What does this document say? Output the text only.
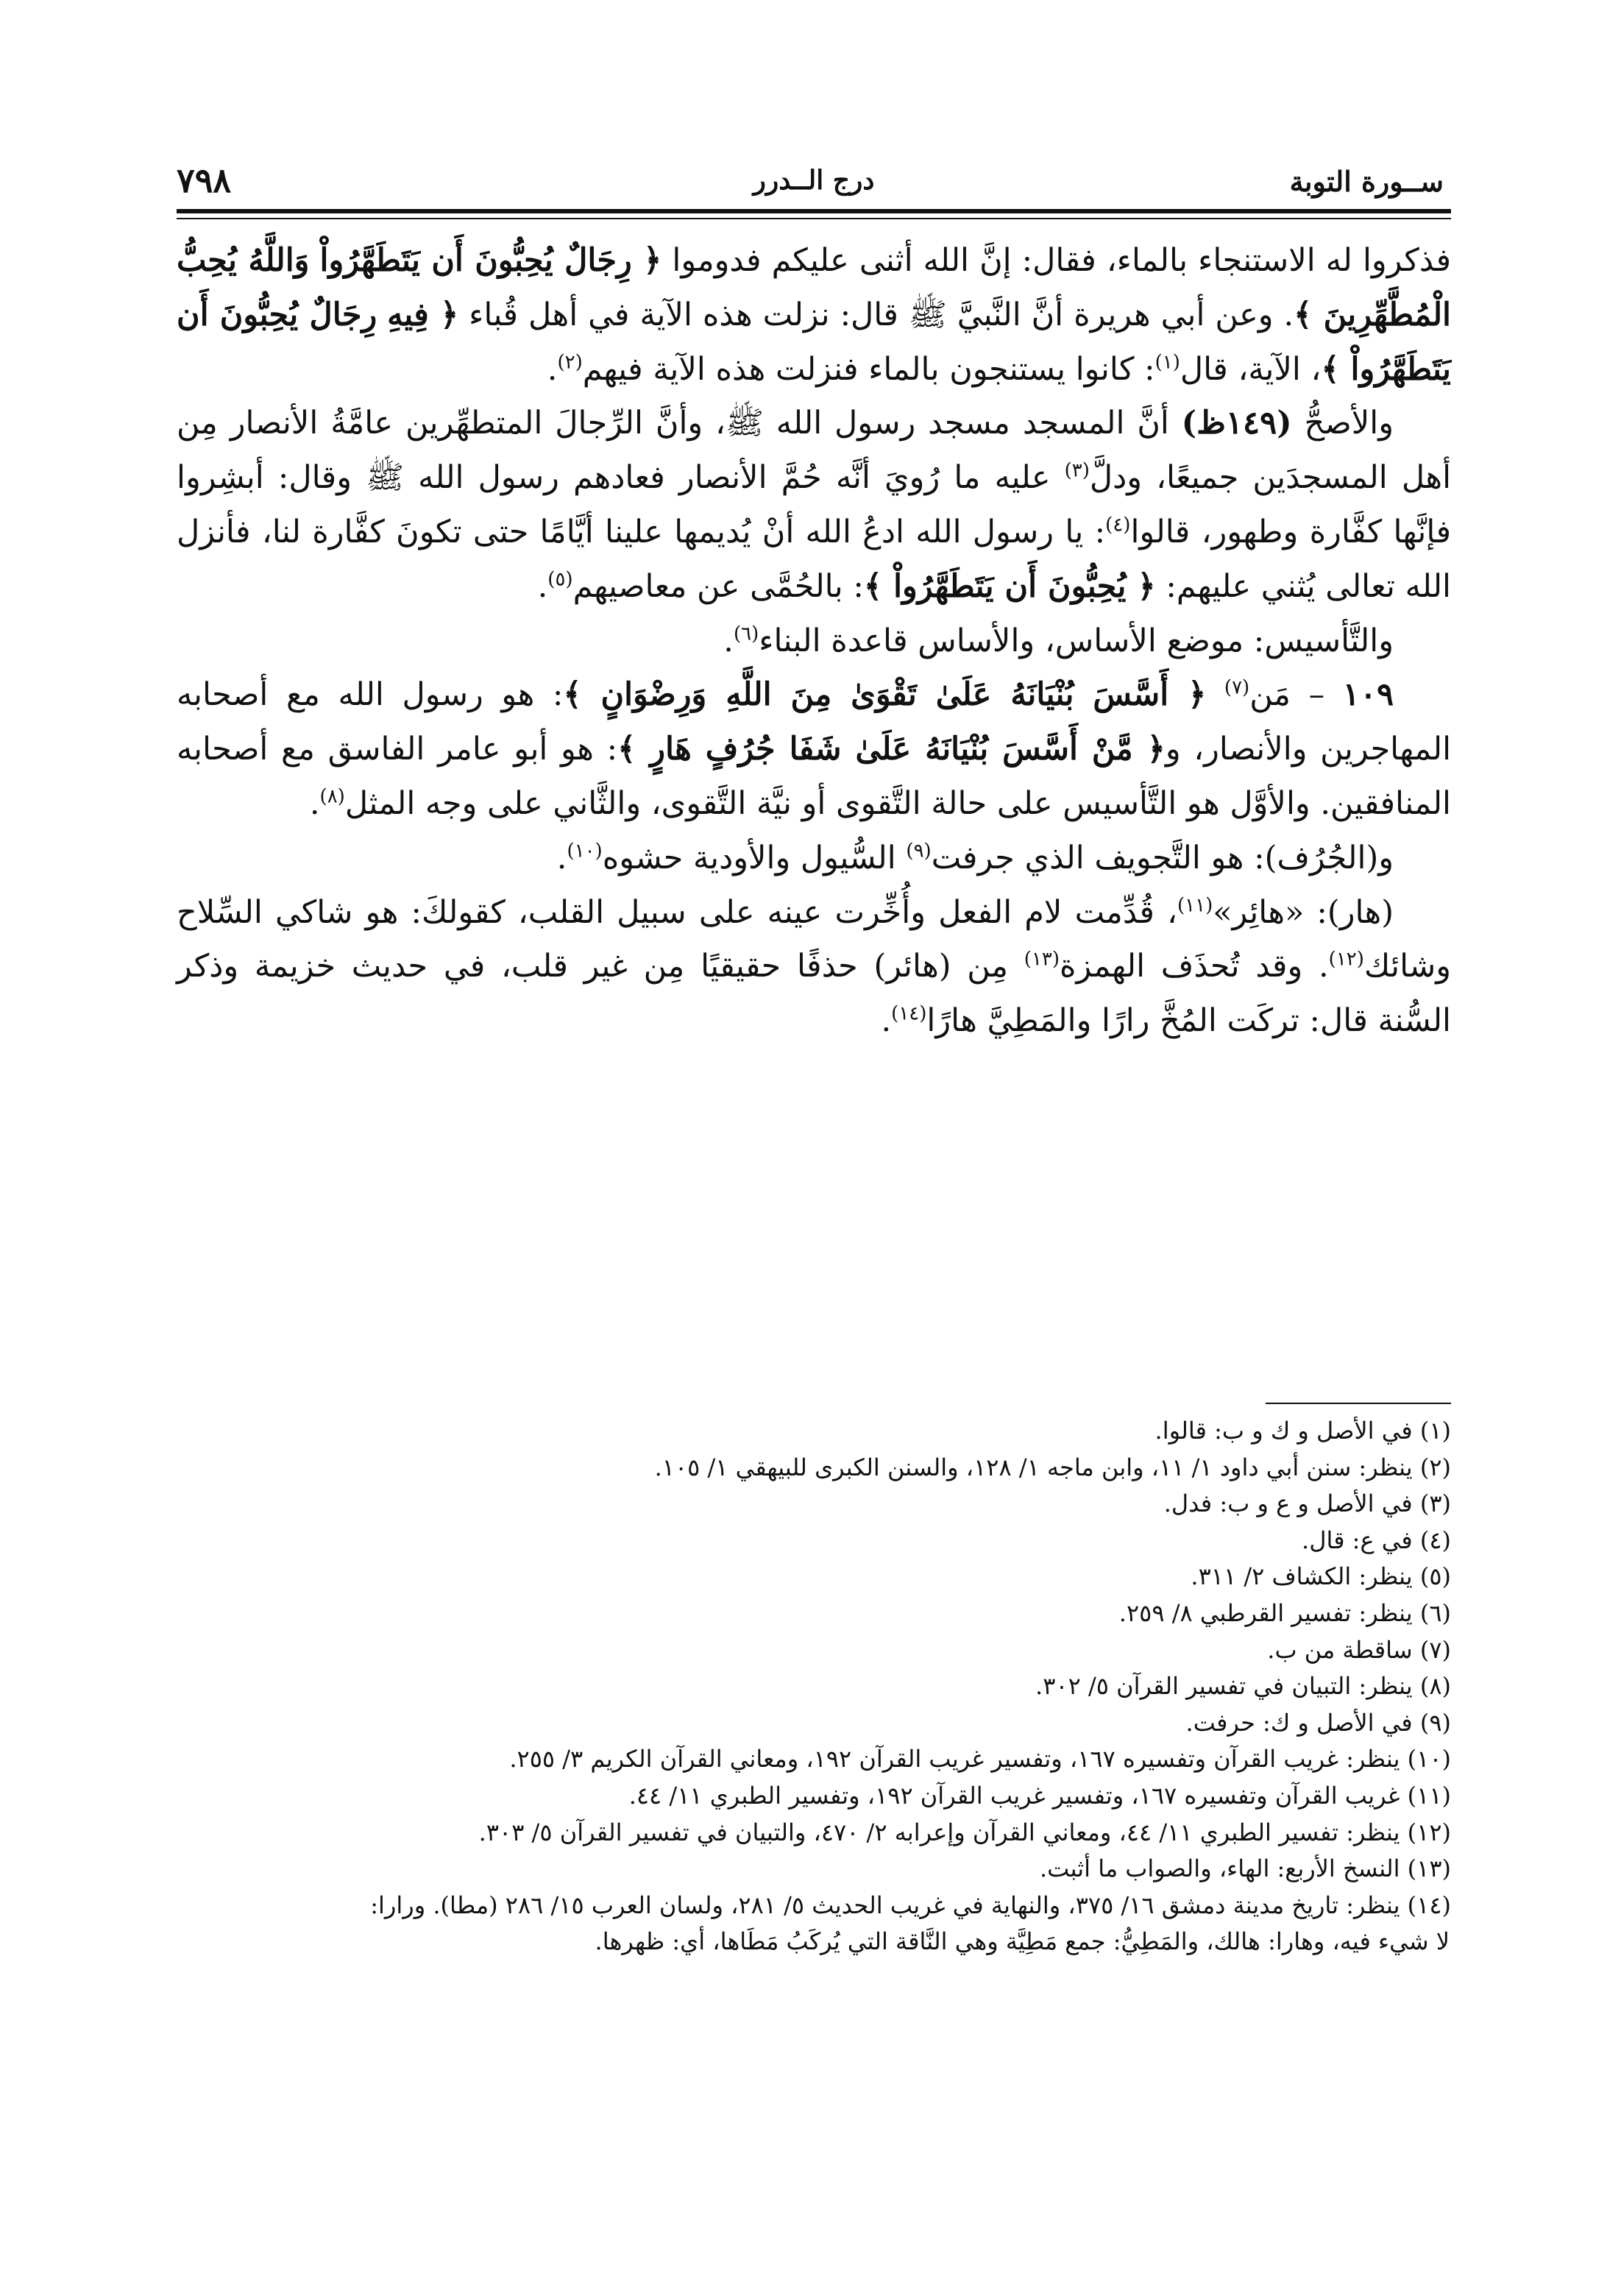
٧٩٨	درج الــدرر	ســورة التوبة

فذكروا له الاستنجاء بالماء، فقال: إنَّ الله أثنى عليكم فدوموا ﴿ رِجَالٌ يُحِبُّونَ أَن يَتَطَهَّرُواْ وَاللَّهُ يُحِبُّ الْمُطَّهِّرِينَ ﴾. وعن أبي هريرة أنَّ النَّبيَّ ﷺ قال: نزلت هذه الآية في أهل قُباء ﴿ فِيهِ رِجَالٌ يُحِبُّونَ أَن يَتَطَهَّرُواْ ﴾، الآية، قال$^{(١)}$: كانوا يستنجون بالماء فنزلت هذه الآية فيهم$^{(٢)}$.

والأصحُّ (١٤٩ظ) أنَّ المسجد مسجد رسول الله ﷺ، وأنَّ الرِّجالَ المتطهِّرين عامَّةُ الأنصار مِن أهل المسجدَين جميعًا، ودلَّ$^{(٣)}$ عليه ما رُويَ أنَّه حُمَّ الأنصار فعادهم رسول الله ﷺ وقال: أبشِروا فإنَّها كفَّارة وطهور، قالوا$^{(٤)}$: يا رسول الله ادعُ الله أنْ يُديمها علينا أيَّامًا حتى تكونَ كفَّارة لنا، فأنزل الله تعالى يُثني عليهم: ﴿ يُحِبُّونَ أَن يَتَطَهَّرُواْ ﴾: بالحُمَّى عن معاصيهم$^{(٥)}$.

والتَّأسيس: موضع الأساس، والأساس قاعدة البناء$^{(٦)}$.

١٠٩ – مَن$^{(٧)}$ ﴿ أَسَّسَ بُنْيَانَهُ عَلَىٰ تَقْوَىٰ مِنَ اللَّهِ وَرِضْوَانٍ ﴾: هو رسول الله مع أصحابه المهاجرين والأنصار، و﴿ مَّنْ أَسَّسَ بُنْيَانَهُ عَلَىٰ شَفَا جُرُفٍ هَارٍ ﴾: هو أبو عامر الفاسق مع أصحابه المنافقين. والأوَّل هو التَّأسيس على حالة التَّقوى أو نيَّة التَّقوى، والثَّاني على وجه المثل$^{(٨)}$.

و(الجُرُف): هو التَّجويف الذي جرفت$^{(٩)}$ السُّيول والأودية حشوه$^{(١٠)}$.

(هار): «هائِر»$^{(١١)}$، قُدِّمت لام الفعل وأُخِّرت عينه على سبيل القلب، كقولكَ: هو شاكي السِّلاح وشائك$^{(١٢)}$. وقد تُحذَف الهمزة$^{(١٣)}$ مِن (هائر) حذفًا حقيقيًا مِن غير قلب، في حديث خزيمة وذكر السُّنة قال: تركَت المُخَّ رارًا والمَطِيَّ هارًا$^{(١٤)}$.

(١) في الأصل و ك و ب: قالوا.
(٢) ينظر: سنن أبي داود ١/ ١١، وابن ماجه ١/ ١٢٨، والسنن الكبرى للبيهقي ١/ ١٠٥.
(٣) في الأصل و ع و ب: فدل.
(٤) في ع: قال.
(٥) ينظر: الكشاف ٢/ ٣١١.
(٦) ينظر: تفسير القرطبي ٨/ ٢٥٩.
(٧) ساقطة من ب.
(٨) ينظر: التبيان في تفسير القرآن ٥/ ٣٠٢.
(٩) في الأصل و ك: حرفت.
(١٠) ينظر: غريب القرآن وتفسيره ١٦٧، وتفسير غريب القرآن ١٩٢، ومعاني القرآن الكريم ٣/ ٢٥٥.
(١١) غريب القرآن وتفسيره ١٦٧، وتفسير غريب القرآن ١٩٢، وتفسير الطبري ١١/ ٤٤.
(١٢) ينظر: تفسير الطبري ١١/ ٤٤، ومعاني القرآن وإعرابه ٢/ ٤٧٠، والتبيان في تفسير القرآن ٥/ ٣٠٣.
(١٣) النسخ الأربع: الهاء، والصواب ما أثبت.
(١٤) ينظر: تاريخ مدينة دمشق ١٦/ ٣٧٥، والنهاية في غريب الحديث ٥/ ٢٨١، ولسان العرب ١٥/ ٢٨٦ (مطا). ورارا:
لا شيء فيه، وهارا: هالك، والمَطِيُّ: جمع مَطِيَّة وهي النَّاقة التي يُركَبُ مَطَاها، أي: ظهرها.
